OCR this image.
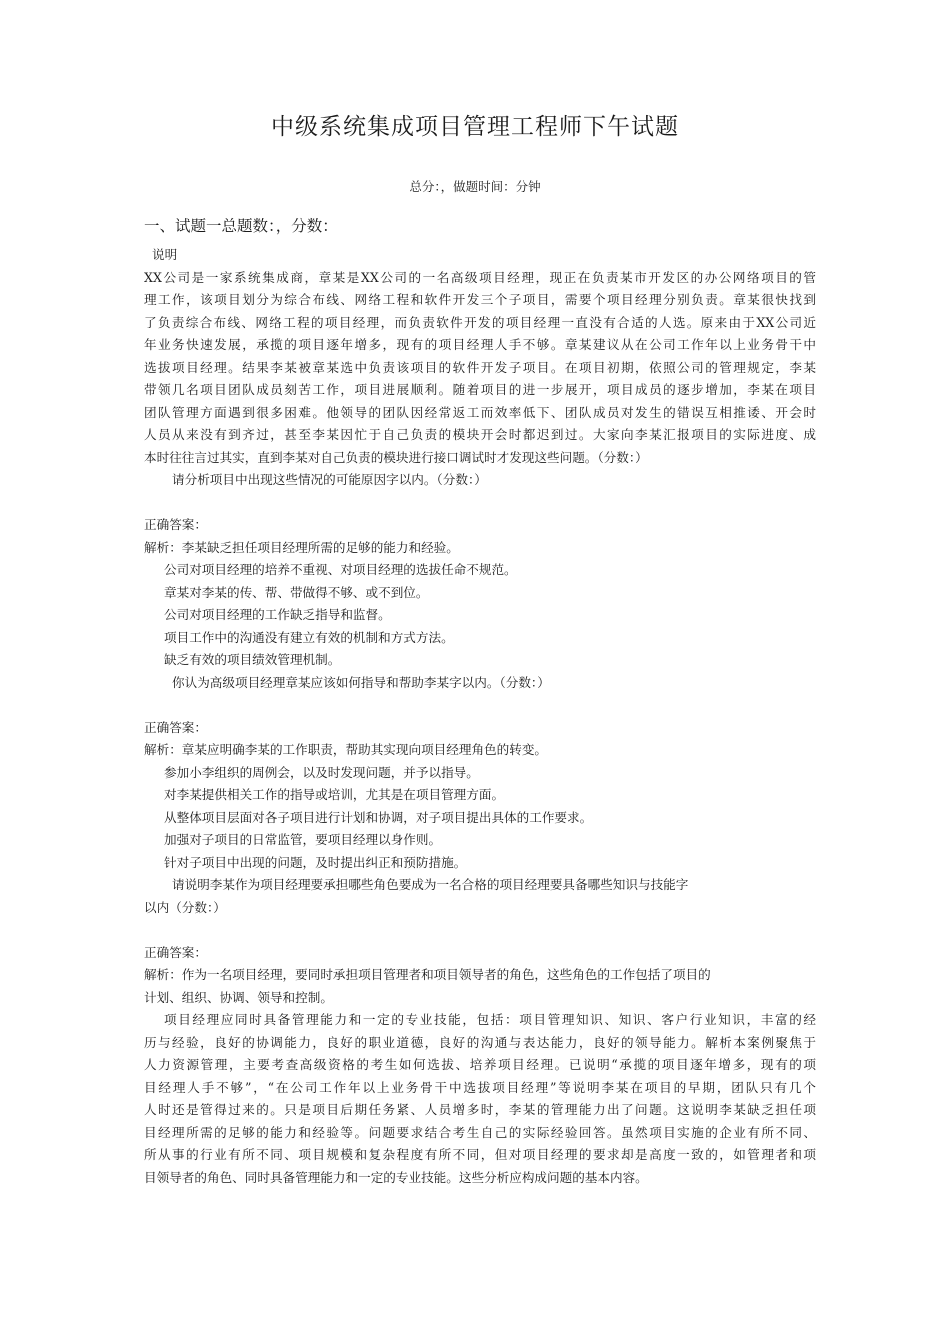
中级系统集成项目管理工程师下午试题
总分：，做题时间：分钟
一、试题一总题数：，分数：
说明
XX公司是一家系统集成商，章某是XX公司的一名高级项目经理，现正在负责某市开发区的办公网络项目的管
理工作，该项目划分为综合布线、网络工程和软件开发三个子项目，需要个项目经理分别负责。章某很快找到
了负责综合布线、网络工程的项目经理，而负责软件开发的项目经理一直没有合适的人选。原来由于XX公司近
年业务快速发展，承揽的项目逐年增多，现有的项目经理人手不够。章某建议从在公司工作年以上业务骨干中
选拔项目经理。结果李某被章某选中负责该项目的软件开发子项目。在项目初期，依照公司的管理规定，李某
带领几名项目团队成员刻苦工作，项目进展顺利。随着项目的进一步展开，项目成员的逐步增加，李某在项目
团队管理方面遇到很多困难。他领导的团队因经常返工而效率低下、团队成员对发生的错误互相推诿、开会时
人员从来没有到齐过，甚至李某因忙于自己负责的模块开会时都迟到过。大家向李某汇报项目的实际进度、成
本时往往言过其实，直到李某对自己负责的模块进行接口调试时才发现这些问题。（分数：）
请分析项目中出现这些情况的可能原因字以内。（分数：）
正确答案：
解析：李某缺乏担任项目经理所需的足够的能力和经验。
公司对项目经理的培养不重视、对项目经理的选拔任命不规范。
章某对李某的传、帮、带做得不够、或不到位。
公司对项目经理的工作缺乏指导和监督。
项目工作中的沟通没有建立有效的机制和方式方法。
缺乏有效的项目绩效管理机制。
你认为高级项目经理章某应该如何指导和帮助李某字以内。（分数：）
正确答案：
解析：章某应明确李某的工作职责，帮助其实现向项目经理角色的转变。
参加小李组织的周例会，以及时发现问题，并予以指导。
对李某提供相关工作的指导或培训，尤其是在项目管理方面。
从整体项目层面对各子项目进行计划和协调，对子项目提出具体的工作要求。
加强对子项目的日常监管，要项目经理以身作则。
针对子项目中出现的问题，及时提出纠正和预防措施。
请说明李某作为项目经理要承担哪些角色要成为一名合格的项目经理要具备哪些知识与技能字
以内（分数：）
正确答案：
解析：作为一名项目经理，要同时承担项目管理者和项目领导者的角色，这些角色的工作包括了项目的
计划、组织、协调、领导和控制。
项目经理应同时具备管理能力和一定的专业技能，包括：项目管理知识、知识、客户行业知识，丰富的经
历与经验，良好的协调能力，良好的职业道德，良好的沟通与表达能力，良好的领导能力。解析本案例聚焦于
人力资源管理，主要考查高级资格的考生如何选拔、培养项目经理。已说明“承揽的项目逐年增多，现有的项
目经理人手不够”，“在公司工作年以上业务骨干中选拔项目经理”等说明李某在项目的早期，团队只有几个
人时还是管得过来的。只是项目后期任务紧、人员增多时，李某的管理能力出了问题。这说明李某缺乏担任项
目经理所需的足够的能力和经验等。问题要求结合考生自己的实际经验回答。虽然项目实施的企业有所不同、
所从事的行业有所不同、项目规模和复杂程度有所不同，但对项目经理的要求却是高度一致的，如管理者和项
目领导者的角色、同时具备管理能力和一定的专业技能。这些分析应构成问题的基本内容。
